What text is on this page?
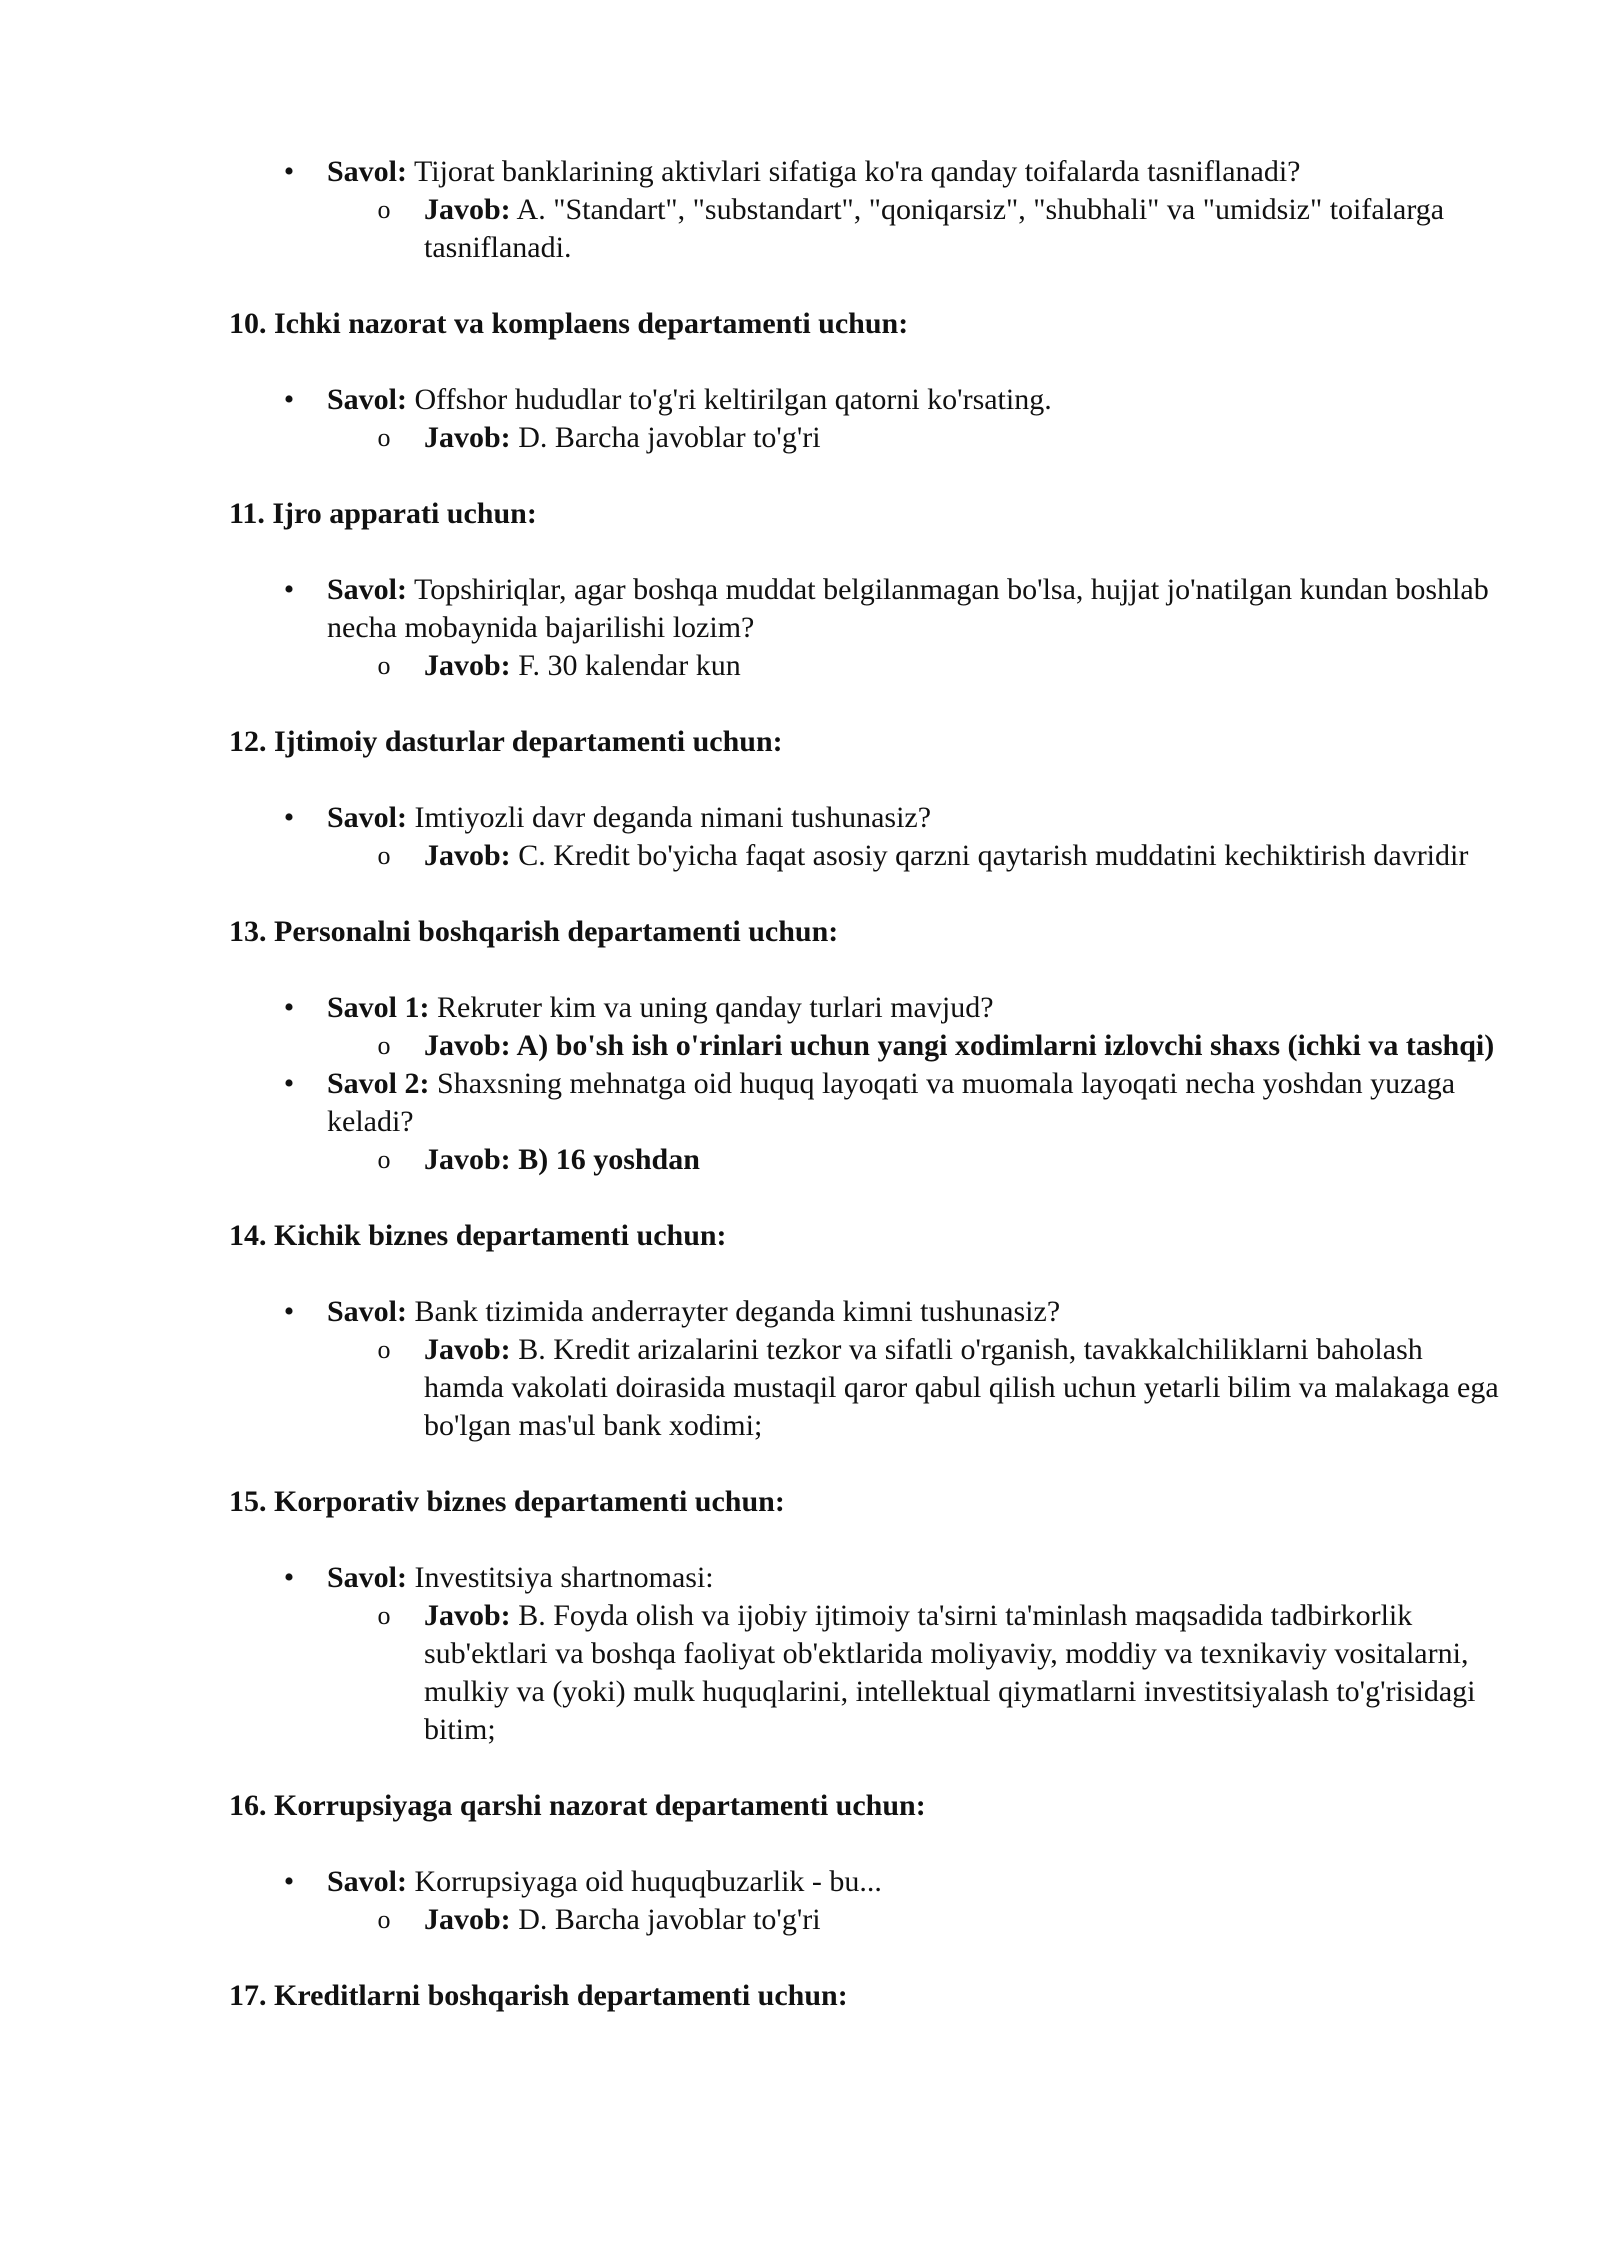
• Savol: Tijorat banklarining aktivlari sifatiga ko'ra qanday toifalarda tasniflanadi?
o Javob: A. "Standart", "substandart", "qoniqarsiz", "shubhali" va "umidsiz" toifalarga tasniflanadi.
10. Ichki nazorat va komplaens departamenti uchun:
• Savol: Offshor hududlar to'g'ri keltirilgan qatorni ko'rsating.
o Javob: D. Barcha javoblar to'g'ri
11. Ijro apparati uchun:
• Savol: Topshiriqlar, agar boshqa muddat belgilanmagan bo'lsa, hujjat jo'natilgan kundan boshlab necha mobaynida bajarilishi lozim?
o Javob: F. 30 kalendar kun
12. Ijtimoiy dasturlar departamenti uchun:
• Savol: Imtiyozli davr deganda nimani tushunasiz?
o Javob: C. Kredit bo'yicha faqat asosiy qarzni qaytarish muddatini kechiktirish davridir
13. Personalni boshqarish departamenti uchun:
• Savol 1: Rekruter kim va uning qanday turlari mavjud?
o Javob: A) bo'sh ish o'rinlari uchun yangi xodimlarni izlovchi shaxs (ichki va tashqi)
• Savol 2: Shaxsning mehnatga oid huquq layoqati va muomala layoqati necha yoshdan yuzaga keladi?
o Javob: B) 16 yoshdan
14. Kichik biznes departamenti uchun:
• Savol: Bank tizimida anderrayter deganda kimni tushunasiz?
o Javob: B. Kredit arizalarini tezkor va sifatli o'rganish, tavakkalchiliklarni baholash hamda vakolati doirasida mustaqil qaror qabul qilish uchun yetarli bilim va malakaga ega bo'lgan mas'ul bank xodimi;
15. Korporativ biznes departamenti uchun:
• Savol: Investitsiya shartnomasi:
o Javob: B. Foyda olish va ijobiy ijtimoiy ta'sirni ta'minlash maqsadida tadbirkorlik sub'ektlari va boshqa faoliyat ob'ektlarida moliyaviy, moddiy va texnikaviy vositalarni, mulkiy va (yoki) mulk huquqlarini, intellektual qiymatlarni investitsiyalash to'g'risidagi bitim;
16. Korrupsiyaga qarshi nazorat departamenti uchun:
• Savol: Korrupsiyaga oid huquqbuzarlik - bu...
o Javob: D. Barcha javoblar to'g'ri
17. Kreditlarni boshqarish departamenti uchun:
